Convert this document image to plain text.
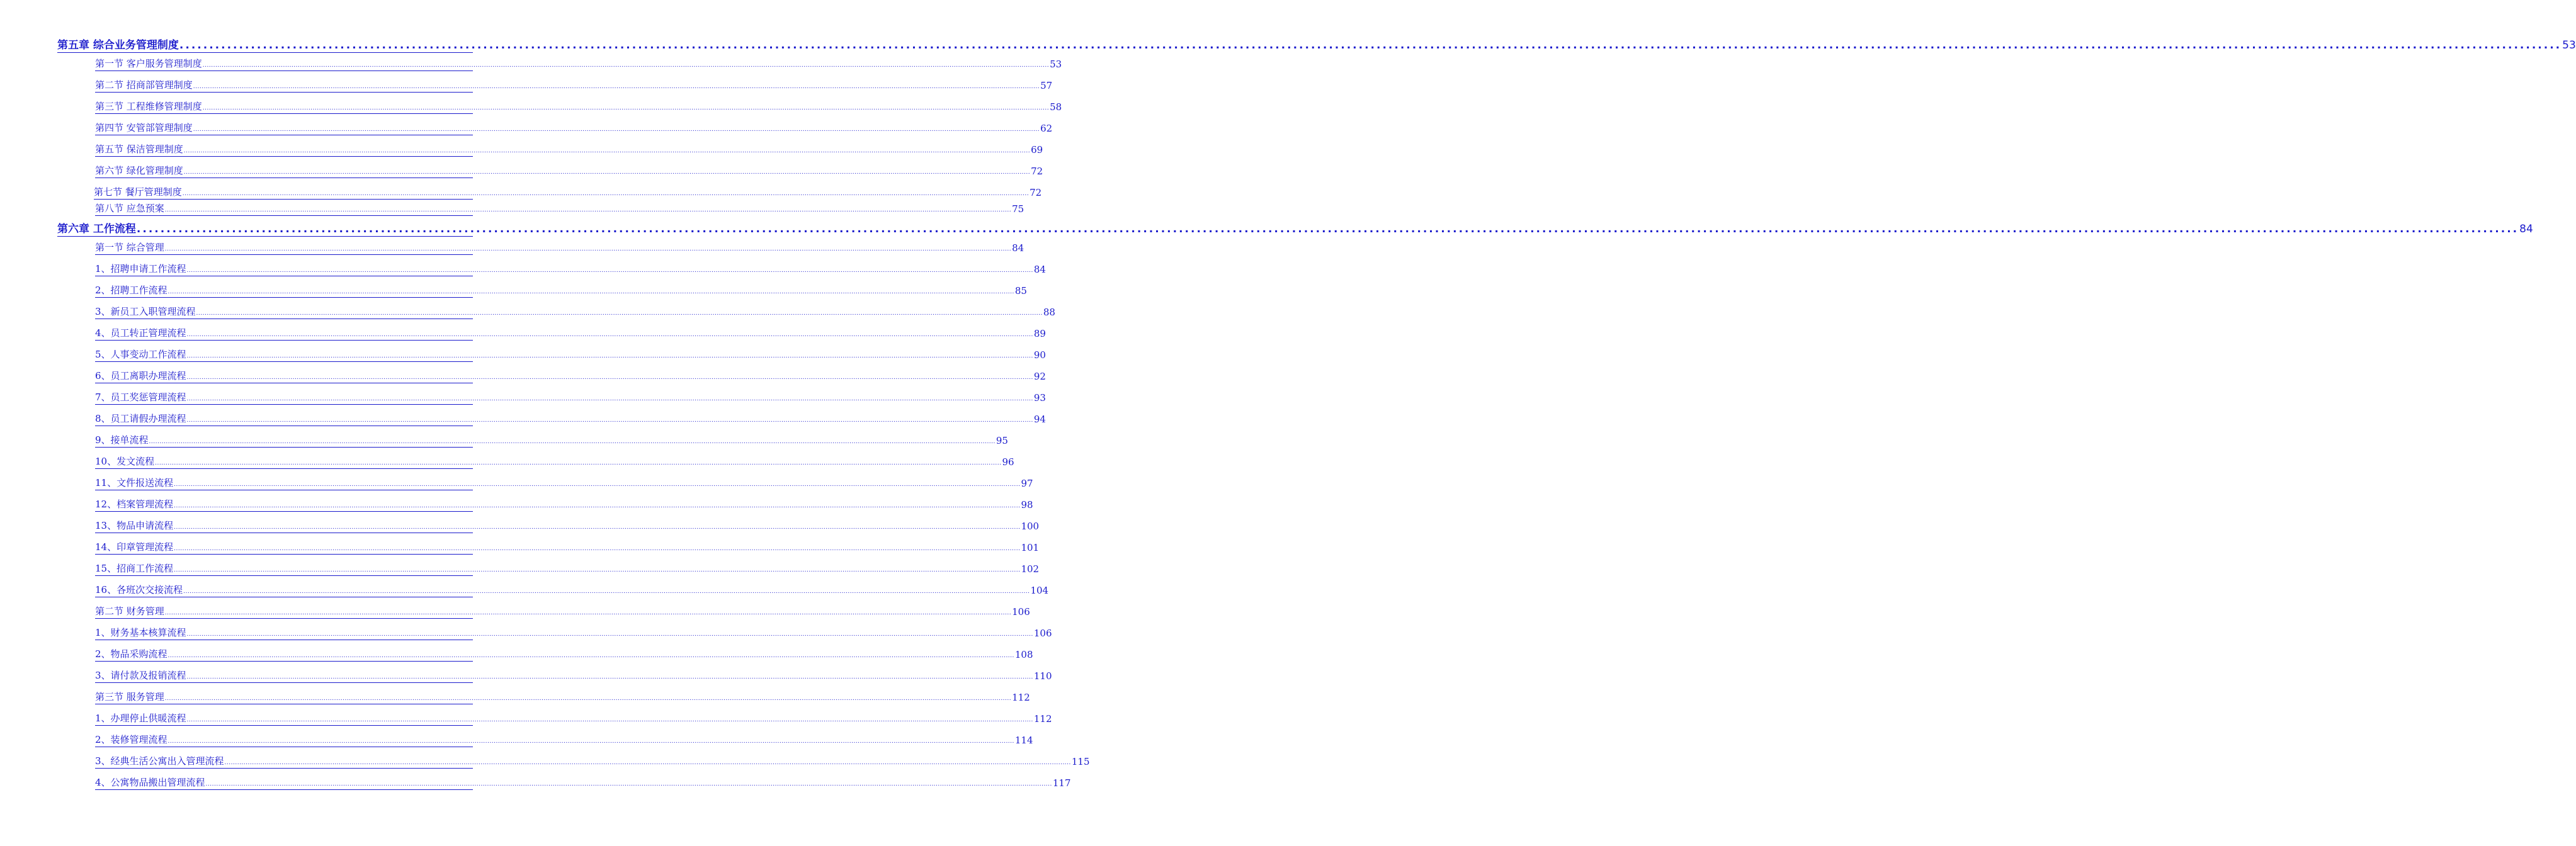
第五章 综合业务管理制度 ................................................................................................................................................................................................................................................................................................................................................................................................................ 53
第一节 客户服务管理制度 ................................................................................................................................................................................................................................................................................................................................................................................................................ 53
第二节 招商部管理制度 ................................................................................................................................................................................................................................................................................................................................................................................................................ 57
第三节 工程维修管理制度 ................................................................................................................................................................................................................................................................................................................................................................................................................ 58
第四节 安管部管理制度 ................................................................................................................................................................................................................................................................................................................................................................................................................ 62
第五节 保洁管理制度 ................................................................................................................................................................................................................................................................................................................................................................................................................ 69
第六节 绿化管理制度 ................................................................................................................................................................................................................................................................................................................................................................................................................ 72
第七节 餐厅管理制度 ................................................................................................................................................................................................................................................................................................................................................................................................................ 72
第八节 应急预案 ................................................................................................................................................................................................................................................................................................................................................................................................................ 75
第六章 工作流程 ................................................................................................................................................................................................................................................................................................................................................................................................................ 84
第一节 综合管理 ................................................................................................................................................................................................................................................................................................................................................................................................................ 84
1、招聘申请工作流程 ................................................................................................................................................................................................................................................................................................................................................................................................................ 84
2、招聘工作流程 ................................................................................................................................................................................................................................................................................................................................................................................................................ 85
3、新员工入职管理流程 ................................................................................................................................................................................................................................................................................................................................................................................................................ 88
4、员工转正管理流程 ................................................................................................................................................................................................................................................................................................................................................................................................................ 89
5、人事变动工作流程 ................................................................................................................................................................................................................................................................................................................................................................................................................ 90
6、员工离职办理流程 ................................................................................................................................................................................................................................................................................................................................................................................................................ 92
7、员工奖惩管理流程 ................................................................................................................................................................................................................................................................................................................................................................................................................ 93
8、员工请假办理流程 ................................................................................................................................................................................................................................................................................................................................................................................................................ 94
9、接单流程 ................................................................................................................................................................................................................................................................................................................................................................................................................ 95
10、发文流程 ................................................................................................................................................................................................................................................................................................................................................................................................................ 96
11、文件报送流程 ................................................................................................................................................................................................................................................................................................................................................................................................................ 97
12、档案管理流程 ................................................................................................................................................................................................................................................................................................................................................................................................................ 98
13、物品申请流程 ................................................................................................................................................................................................................................................................................................................................................................................................................ 100
14、印章管理流程 ................................................................................................................................................................................................................................................................................................................................................................................................................ 101
15、招商工作流程 ................................................................................................................................................................................................................................................................................................................................................................................................................ 102
16、各班次交接流程 ................................................................................................................................................................................................................................................................................................................................................................................................................ 104
第二节 财务管理 ................................................................................................................................................................................................................................................................................................................................................................................................................ 106
1、财务基本核算流程 ................................................................................................................................................................................................................................................................................................................................................................................................................ 106
2、物品采购流程 ................................................................................................................................................................................................................................................................................................................................................................................................................ 108
3、请付款及报销流程 ................................................................................................................................................................................................................................................................................................................................................................................................................ 110
第三节 服务管理 ................................................................................................................................................................................................................................................................................................................................................................................................................ 112
1、办理停止供暖流程 ................................................................................................................................................................................................................................................................................................................................................................................................................ 112
2、装修管理流程 ................................................................................................................................................................................................................................................................................................................................................................................................................ 114
3、经典生活公寓出入管理流程 ................................................................................................................................................................................................................................................................................................................................................................................................................ 115
4、公寓物品搬出管理流程 ................................................................................................................................................................................................................................................................................................................................................................................................................ 117
